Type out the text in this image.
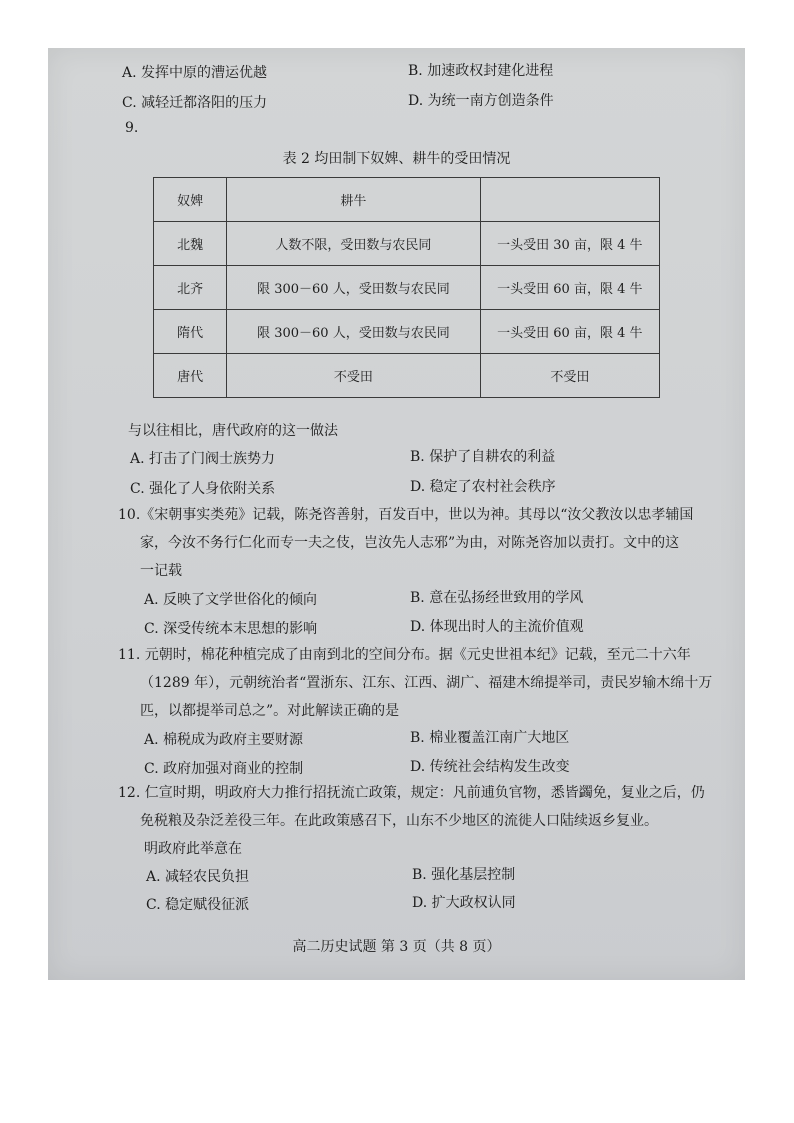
A. 发挥中原的漕运优越	B. 加速政权封建化进程
C. 减轻迁都洛阳的压力	D. 为统一南方创造条件
9.
表 2 均田制下奴婢、耕牛的受田情况
奴婢	耕牛	
北魏	人数不限，受田数与农民同	一头受田 30 亩，限 4 牛
北齐	限 300－60 人，受田数与农民同	一头受田 60 亩，限 4 牛
隋代	限 300－60 人，受田数与农民同	一头受田 60 亩，限 4 牛
唐代	不受田	不受田
与以往相比，唐代政府的这一做法
A. 打击了门阀士族势力	B. 保护了自耕农的利益
C. 强化了人身依附关系	D. 稳定了农村社会秩序
10.《宋朝事实类苑》记载，陈尧咨善射，百发百中，世以为神。其母以“汝父教汝以忠孝辅国
家，今汝不务行仁化而专一夫之伎，岂汝先人志邪”为由，对陈尧咨加以责打。文中的这
一记载
A. 反映了文学世俗化的倾向	B. 意在弘扬经世致用的学风
C. 深受传统本末思想的影响	D. 体现出时人的主流价值观
11. 元朝时，棉花种植完成了由南到北的空间分布。据《元史世祖本纪》记载，至元二十六年
（1289 年），元朝统治者“置浙东、江东、江西、湖广、福建木绵提举司，责民岁输木绵十万
匹，以都提举司总之”。对此解读正确的是
A. 棉税成为政府主要财源	B. 棉业覆盖江南广大地区
C. 政府加强对商业的控制	D. 传统社会结构发生改变
12. 仁宣时期，明政府大力推行招抚流亡政策，规定：凡前逋负官物，悉皆蠲免，复业之后，仍
免税粮及杂泛差役三年。在此政策感召下，山东不少地区的流徙人口陆续返乡复业。
明政府此举意在
A. 减轻农民负担	B. 强化基层控制
C. 稳定赋役征派	D. 扩大政权认同
高二历史试题 第 3 页（共 8 页）
